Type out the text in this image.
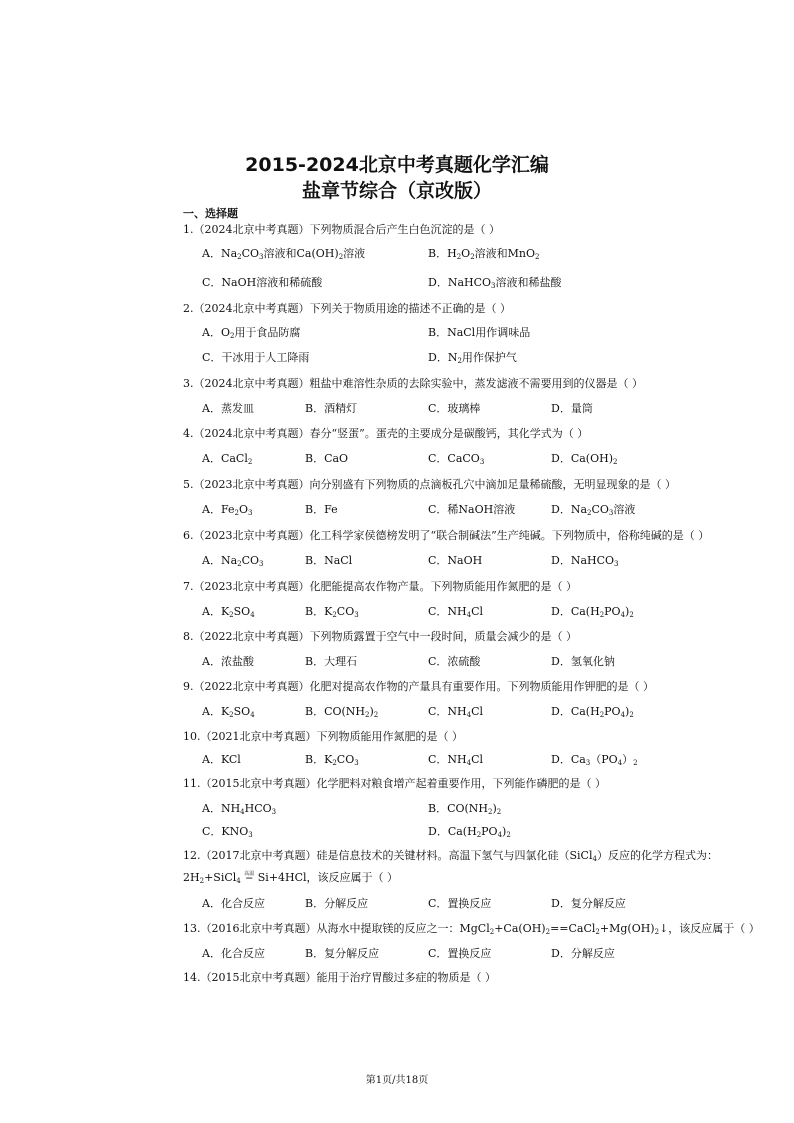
2015-2024北京中考真题化学汇编
盐章节综合（京改版）
一、选择题
1.（2024北京中考真题）下列物质混合后产生白色沉淀的是（ ）
A．$Na_2CO_3$溶液和$Ca(OH)_2$溶液	B．$H_2O_2$溶液和MnO$_2$
C．NaOH溶液和稀硫酸	D．NaHCO$_3$溶液和稀盐酸
2.（2024北京中考真题）下列关于物质用途的描述不正确的是（ ）
A．$O_2$用于食品防腐	B．NaCl用作调味品
C．干冰用于人工降雨	D．$N_2$用作保护气
3.（2024北京中考真题）粗盐中难溶性杂质的去除实验中，蒸发滤液不需要用到的仪器是（ ）
A．蒸发皿	B．酒精灯	C．玻璃棒	D．量筒
4.（2024北京中考真题）春分“竖蛋”。蛋壳的主要成分是碳酸钙，其化学式为（ ）
A．CaCl$_2$	B．CaO	C．CaCO$_3$	D．$Ca(OH)_2$
5.（2023北京中考真题）向分别盛有下列物质的点滴板孔穴中滴加足量稀硫酸，无明显现象的是（ ）
A．$Fe_2O_3$	B．Fe	C．稀NaOH溶液	D．$Na_2CO_3$溶液
6.（2023北京中考真题）化工科学家侯德榜发明了“联合制碱法”生产纯碱。下列物质中，俗称纯碱的是（ ）
A．$Na_2CO_3$	B．NaCl	C．NaOH	D．NaHCO$_3$
7.（2023北京中考真题）化肥能提高农作物产量。下列物质能用作氮肥的是（ ）
A．$K_2SO_4$	B．$K_2CO_3$	C．$NH_4Cl$	D．$Ca(H_2PO_4)_2$
8.（2022北京中考真题）下列物质露置于空气中一段时间，质量会减少的是（ ）
A．浓盐酸	B．大理石	C．浓硫酸	D．氢氧化钠
9.（2022北京中考真题）化肥对提高农作物的产量具有重要作用。下列物质能用作钾肥的是（ ）
A．$K_2SO_4$	B．$CO(NH_2)_2$	C．$NH_4Cl$	D．$Ca(H_2PO_4)_2$
10.（2021北京中考真题）下列物质能用作氮肥的是（ ）
A．KCl	B．$K_2CO_3$	C．$NH_4Cl$	D．$Ca_3(PO_4)_2$
11.（2015北京中考真题）化学肥料对粮食增产起着重要作用，下列能作磷肥的是（ ）
A．$NH_4HCO_3$	B．$CO(NH_2)_2$
C．$KNO_3$	D．$Ca(H_2PO_4)_2$
12.（2017北京中考真题）硅是信息技术的关键材料。高温下氢气与四氯化硅（SiCl$_4$）反应的化学方程式为：
$2H_2+SiCl_4$ 高温
══ Si+4HCl，该反应属于（ ）
A．化合反应	B．分解反应	C．置换反应	D．复分解反应
13.（2016北京中考真题）从海水中提取镁的反应之一：$MgCl_2+Ca(OH)_2==CaCl_2+Mg(OH)_2↓$，该反应属于（ ）
A．化合反应	B．复分解反应	C．置换反应	D．分解反应
14.（2015北京中考真题）能用于治疗胃酸过多症的物质是（ ）
第1页/共18页
